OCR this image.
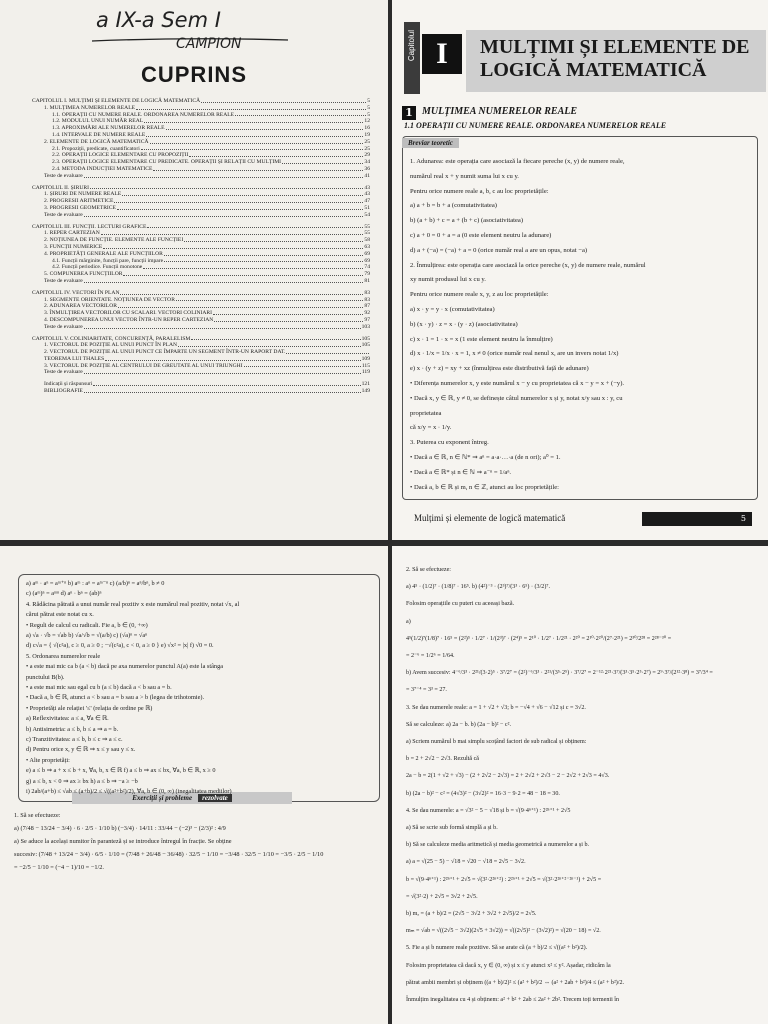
a IX-a Sem I
CAMPION
CUPRINS
CAPITOLUL I. MULȚIMI ȘI ELEMENTE DE LOGICĂ MATEMATICĂ	5
1. MULȚIMEA NUMERELOR REALE	5
1.1. OPERAȚII CU NUMERE REALE. ORDONAREA NUMERELOR REALE	5
1.2. MODULUL UNUI NUMĂR REAL	12
1.3. APROXIMĂRI ALE NUMERELOR REALE	16
1.4. INTERVALE DE NUMERE REALE	19
2. ELEMENTE DE LOGICĂ MATEMATICĂ	25
2.1. Propoziții, predicate, cuantificatori	25
2.2. OPERAȚII LOGICE ELEMENTARE CU PROPOZIȚII	29
2.3. OPERAȚII LOGICE ELEMENTARE CU PREDICATE. OPERAȚII ȘI RELAȚII CU MULȚIMI	34
2.4. METODA INDUCȚIEI MATEMATICE	36
Teste de evaluare	41
CAPITOLUL II. ȘIRURI	43
1. ȘIRURI DE NUMERE REALE	43
2. PROGRESII ARITMETICE	47
3. PROGRESII GEOMETRICE	51
Teste de evaluare	54
CAPITOLUL III. FUNCȚII. LECTURI GRAFICE	55
1. REPER CARTEZIAN	55
2. NOȚIUNEA DE FUNCȚIE. ELEMENTE ALE FUNCȚIEI	58
3. FUNCȚII NUMERICE	63
4. PROPRIETĂȚI GENERALE ALE FUNCȚIILOR	69
4.1. Funcții mărginite, funcții pare, funcții impare	69
4.2. Funcții periodice. Funcții monotone	74
5. COMPUNEREA FUNCȚIILOR	79
Teste de evaluare	81
CAPITOLUL IV. VECTORI ÎN PLAN	83
1. SEGMENTE ORIENTATE. NOȚIUNEA DE VECTOR	83
2. ADUNAREA VECTORILOR	87
3. ÎNMULȚIREA VECTORILOR CU SCALARI. VECTORI COLINIARI	92
4. DESCOMPUNEREA UNUI VECTOR ÎNTR-UN REPER CARTEZIAN	97
Teste de evaluare	103
CAPITOLUL V. COLINIARITATE, CONCURENȚĂ, PARALELISM	105
1. VECTORUL DE POZIȚIE AL UNUI PUNCT ÎN PLAN	105
2. VECTORUL DE POZIȚIE AL UNUI PUNCT CE ÎMPARTE UN SEGMENT ÎNTR-UN RAPORT DAT.
TEOREMA LUI THALES	109
3. VECTORUL DE POZIȚIE AL CENTRULUI DE GREUTATE AL UNUI TRIUNGHI	115
Teste de evaluare	119
Indicații și răspunsuri	121
BIBLIOGRAFIE	149
Capitolul I	MULȚIMI ȘI ELEMENTE DE
LOGICĂ MATEMATICĂ
1 MULȚIMEA NUMERELOR REALE
1.1 OPERAȚII CU NUMERE REALE. ORDONAREA NUMERELOR REALE
Breviar teoretic
Mulțimi și elemente de logică matematică	5
1. Adunarea: este operația care asociază la fiecare pereche (x, y) de numere reale,
numărul real x + y numit suma lui x cu y.
Pentru orice numere reale a, b, c au loc proprietățile:
a) a + b = b + a (comutativitatea)
b) (a + b) + c = a + (b + c) (asociativitatea)
c) a + 0 = 0 + a = a (0 este element neutru la adunare)
d) a + (−a) = (−a) + a = 0 (orice număr real a are un opus, notat −a)
2. Înmulțirea: este operația care asociază la orice pereche (x, y) de numere reale, numărul
xy numit produsul lui x cu y.
Pentru orice numere reale x, y, z au loc proprietățile:
a) x · y = y · x (comutativitatea)
b) (x · y) · z = x · (y · z) (asociativitatea)
c) x · 1 = 1 · x = x (1 este element neutru la înmulțire)
d) x · 1/x = 1/x · x = 1, x ≠ 0 (orice număr real nenul x, are un invers notat 1/x)
e) x · (y + z) = xy + xz (înmulțirea este distributivă față de adunare)
• Diferența numerelor x, y este numărul x − y cu proprietatea că x − y = x + (−y).
• Dacă x, y ∈ ℝ, y ≠ 0, se definește câtul numerelor x și y, notat x/y sau x : y, cu
proprietatea
că x/y = x · 1/y.
3. Puterea cu exponent întreg.
• Dacă a ∈ ℝ, n ∈ ℕ* ⇒ aⁿ = a·a·…·a (de n ori); a⁰ = 1.
• Dacă a ∈ ℝ* și n ∈ ℕ ⇒ a⁻ⁿ = 1/aⁿ.
• Dacă a, b ∈ ℝ și m, n ∈ ℤ, atunci au loc proprietățile:
Exerciții și probleme rezolvate
a) aᵐ · aⁿ = aᵐ⁺ⁿ b) aᵐ : aⁿ = aᵐ⁻ⁿ c) (a/b)ⁿ = aⁿ/bⁿ, b ≠ 0
c) (aᵐ)ⁿ = aᵐⁿ d) aⁿ · bⁿ = (ab)ⁿ
4. Rădăcina pătrată a unui număr real pozitiv x este numărul real pozitiv, notat √x, al
cărui pătrat este notat cu x.
• Reguli de calcul cu radicali. Fie a, b ∈ (0, +∞)
a) √a · √b = √ab b) √a/√b = √(a/b) c) (√a)ⁿ = √aⁿ
d) c√a = { √(c²a), c ≥ 0, a ≥ 0 ; −√(c²a), c < 0, a ≥ 0 } e) √x² = |x| f) √0 = 0.
5. Ordonarea numerelor reale
• a este mai mic ca b (a < b) dacă pe axa numerelor punctul A(a) este la stânga
punctului B(b).
• a este mai mic sau egal cu b (a ≤ b) dacă a < b sau a = b.
• Dacă a, b ∈ ℝ, atunci a < b sau a = b sau a > b (legea de trihotomie).
• Proprietăți ale relației '≤' (relația de ordine pe ℝ)
a) Reflexivitatea: a ≤ a, ∀a ∈ ℝ.
b) Antisimetria: a ≤ b, b ≤ a ⇒ a = b.
c) Tranzitivitatea: a ≤ b, b ≤ c ⇒ a ≤ c.
d) Pentru orice x, y ∈ ℝ ⇒ x ≤ y sau y ≤ x.
• Alte proprietăți:
e) a ≤ b ⇒ a + x ≤ b + x, ∀a, b, x ∈ ℝ f) a ≤ b ⇒ ax ≤ bx, ∀a, b ∈ ℝ, x ≥ 0
g) a ≤ b, x < 0 ⇒ ax ≥ bx h) a ≤ b ⇒ −a ≥ −b
i) 2ab/(a+b) ≤ √ab ≤ (a+b)/2 ≤ √((a²+b²)/2), ∀a, b ∈ (0, ∞) (inegalitatea mediilor)
1. Să se efectueze:
a) (7/48 − 13/24 − 3/4) · 6 · 2/5 · 1/10 b) (−3/4) · 14/11 : 33/44 − (−2)³ − (2/3)² : 4/9
a) Se aduce la același numitor în paranteză și se introduce întregul în fracție. Se obține
succesiv: (7/48 + 13/24 − 3/4) · 6/5 · 1/10 = (7/48 + 26/48 − 36/48) · 32/5 − 1/10 = −3/48 · 32/5 − 1/10 = −3/5 · 2/5 − 1/10
= −2/5 − 1/10 = (−4 − 1)/10 = −1/2.
2. Să se efectueze:
a) 4⁵ · (1/2)⁷ · (1/8)⁷ · 16⁵. b) (4²)⁻³ · (2³)⁷/(3³ · 6⁵) · (3/2)⁷.
Folosim operațiile cu puteri cu aceeași bază.
a)
4⁵(1/2)⁷(1/8)⁷ · 16⁵ = (2²)⁵ · 1/2⁷ · 1/(2³)⁷ · (2⁴)⁵ = 2¹⁰ · 1/2⁷ · 1/2²¹ · 2²⁰ = 2¹⁰·2²⁰/(2⁷·2²¹) = 2³⁰/2²⁸ = 2²⁸⁻³⁰ =
= 2⁻⁶ = 1/2⁶ = 1/64.
b) Avem succesiv: 4⁻⁶/3³ · 2²¹/(3·2)⁵ · 3⁷/2⁷ = (2²)⁻⁶/3³ · 2²¹/(3⁵·2⁵) · 3⁷/2⁷ = 2⁻¹²·2²¹·3⁷/(3³·3⁵·2⁵·2⁷) = 2⁹·3⁷/(2¹²·3⁸) = 3⁷/3⁴ =
= 3⁷⁻⁴ = 3³ = 27.
3. Se dau numerele reale: a = 1 + √2 + √3; b = −√4 + √6 − √12 și c = 3√2.
Să se calculeze: a) 2a − b. b) (2a − b)² − c².
a) Scriem numărul b mai simplu scoțând factori de sub radical și obținem:
b = 2 + 2√2 − 2√3. Rezultă că
2a − b = 2(1 + √2 + √3) − (2 + 2√2 − 2√3) = 2 + 2√2 + 2√3 − 2 − 2√2 + 2√3 = 4√3.
b) (2a − b)² − c² = (4√3)² − (3√2)² = 16·3 − 9·2 = 48 − 18 = 30.
4. Se dau numerele: a = √3² − 5 − √18 și b = √(9·4ⁿ⁺¹) : 2²ⁿ⁺¹ + 2√5
a) Să se scrie sub formă simplă a și b.
b) Să se calculeze media aritmetică și media geometrică a numerelor a și b.
a) a = √(25 − 5) − √18 = √20 − √18 = 2√5 − 3√2.
b = √(9·4ⁿ⁺¹) : 2²ⁿ⁺¹ + 2√5 = √(3²·2²ⁿ⁺²) : 2²ⁿ⁺¹ + 2√5 = √(3²·2²ⁿ⁺²⁻²ⁿ⁻¹) + 2√5 =
= √(3²·2) + 2√5 = 3√2 + 2√5.
b) mₐ = (a + b)/2 = (2√5 − 3√2 + 3√2 + 2√5)/2 = 2√5.
mₘ = √ab = √((2√5 − 3√2)(2√5 + 3√2)) = √((2√5)² − (3√2)²) = √(20 − 18) = √2.
5. Fie a și b numere reale pozitive. Să se arate că (a + b)/2 ≤ √((a² + b²)/2).
Folosim proprietatea că dacă x, y ∈ (0, ∞) și x ≤ y atunci x² ≤ y². Așadar, ridicăm la
pătrat ambii membri și obținem ((a + b)/2)² ≤ (a² + b²)/2 ⇔ (a² + 2ab + b²)/4 ≤ (a² + b²)/2.
Înmulțim inegalitatea cu 4 și obținem: a² + b² + 2ab ≤ 2a² + 2b². Trecem toți termenii în
